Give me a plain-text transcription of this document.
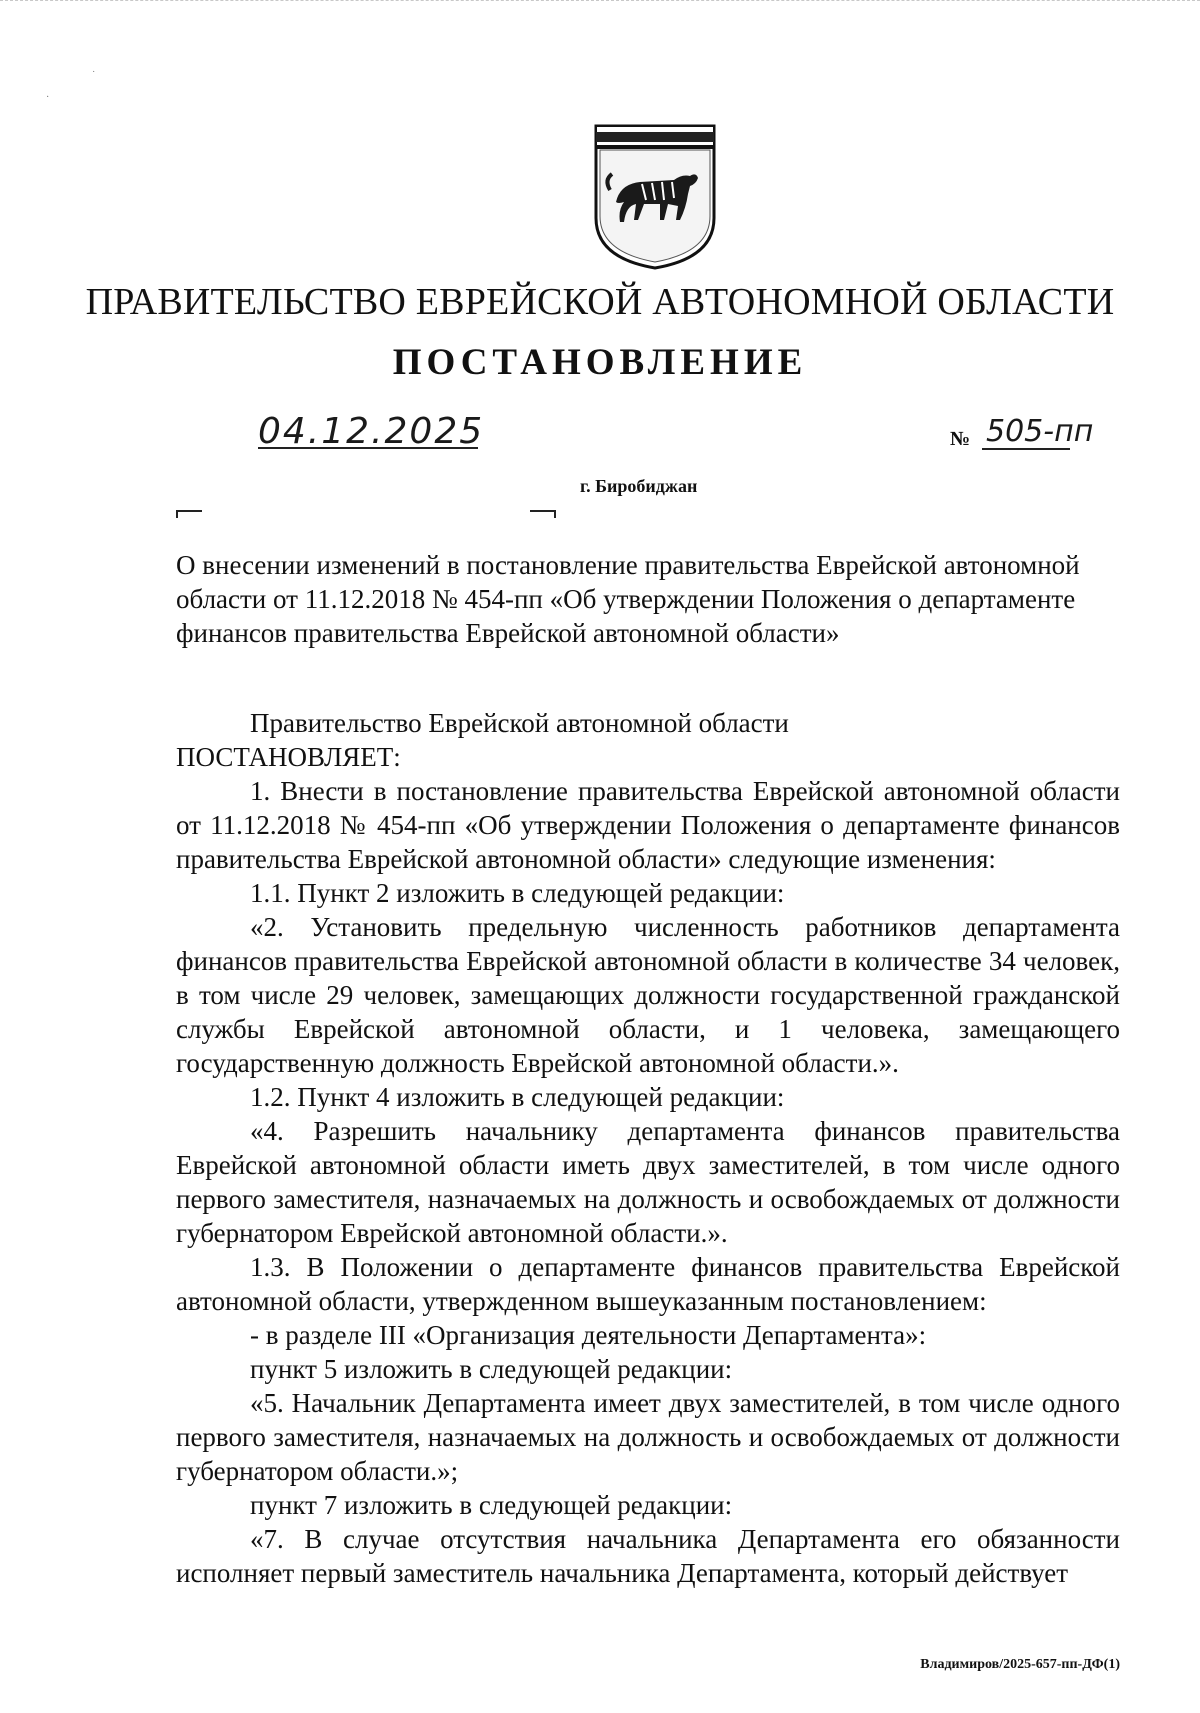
˙
·
ПРАВИТЕЛЬСТВО ЕВРЕЙСКОЙ АВТОНОМНОЙ ОБЛАСТИ
ПОСТАНОВЛЕНИЕ
04.12.2025	№ 505-пп
г. Биробиджан
О внесении изменений в постановление правительства Еврейской автономной области от 11.12.2018 № 454-пп «Об утверждении Положения о департаменте финансов правительства Еврейской автономной области»

Правительство Еврейской автономной области

ПОСТАНОВЛЯЕТ:

1. Внести в постановление правительства Еврейской автономной области от 11.12.2018 № 454-пп «Об утверждении Положения о департаменте финансов правительства Еврейской автономной области» следующие изменения:

1.1. Пункт 2 изложить в следующей редакции:

«2. Установить предельную численность работников департамента финансов правительства Еврейской автономной области в количестве 34 человек, в том числе 29 человек, замещающих должности государственной гражданской службы Еврейской автономной области, и 1 человека, замещающего государственную должность Еврейской автономной области.».

1.2. Пункт 4 изложить в следующей редакции:

«4. Разрешить начальнику департамента финансов правительства Еврейской автономной области иметь двух заместителей, в том числе одного первого заместителя, назначаемых на должность и освобождаемых от должности губернатором Еврейской автономной области.».

1.3. В Положении о департаменте финансов правительства Еврейской автономной области, утвержденном вышеуказанным постановлением:

- в разделе III «Организация деятельности Департамента»:

пункт 5 изложить в следующей редакции:

«5. Начальник Департамента имеет двух заместителей, в том числе одного первого заместителя, назначаемых на должность и освобождаемых от должности губернатором области.»;

пункт 7 изложить в следующей редакции:

«7. В случае отсутствия начальника Департамента его обязанности исполняет первый заместитель начальника Департамента, который действует

Владимиров/2025-657-пп-ДФ(1)
